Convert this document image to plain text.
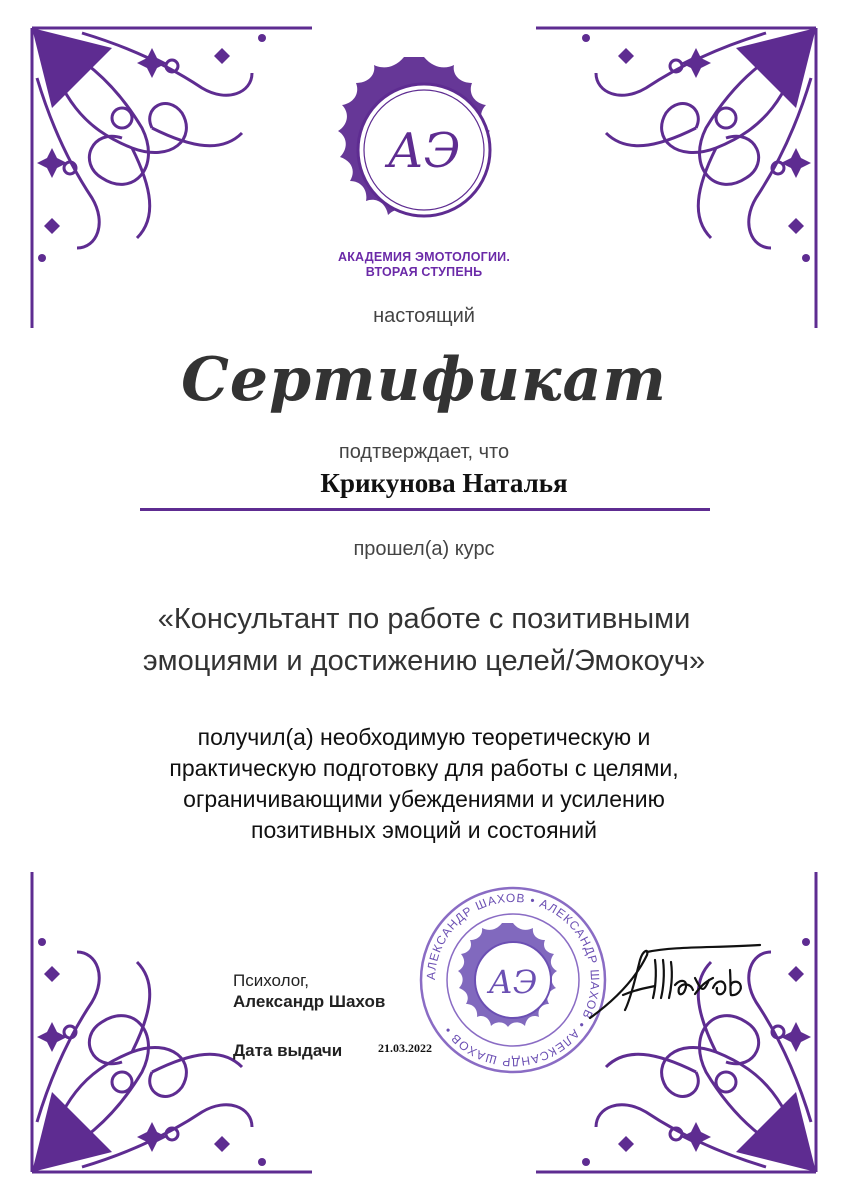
АЭ
АКАДЕМИЯ ЭМОТОЛОГИИ.
ВТОРАЯ СТУПЕНЬ
настоящий
Сертификат
подтверждает, что
Крикунова Наталья
прошел(а) курс
«Консультант по работе с позитивными
эмоциями и достижению целей/Эмокоуч»
получил(а) необходимую теоретическую и
практическую подготовку для работы с целями,
ограничивающими убеждениями и усилению
позитивных эмоций и состояний
АЛЕКСАНДР ШАХОВ • АЛЕКСАНДР ШАХОВ • АЛЕКСАНДР ШАХОВ •
АЭ
Психолог,
Александр Шахов
Дата выдачи	21.03.2022
